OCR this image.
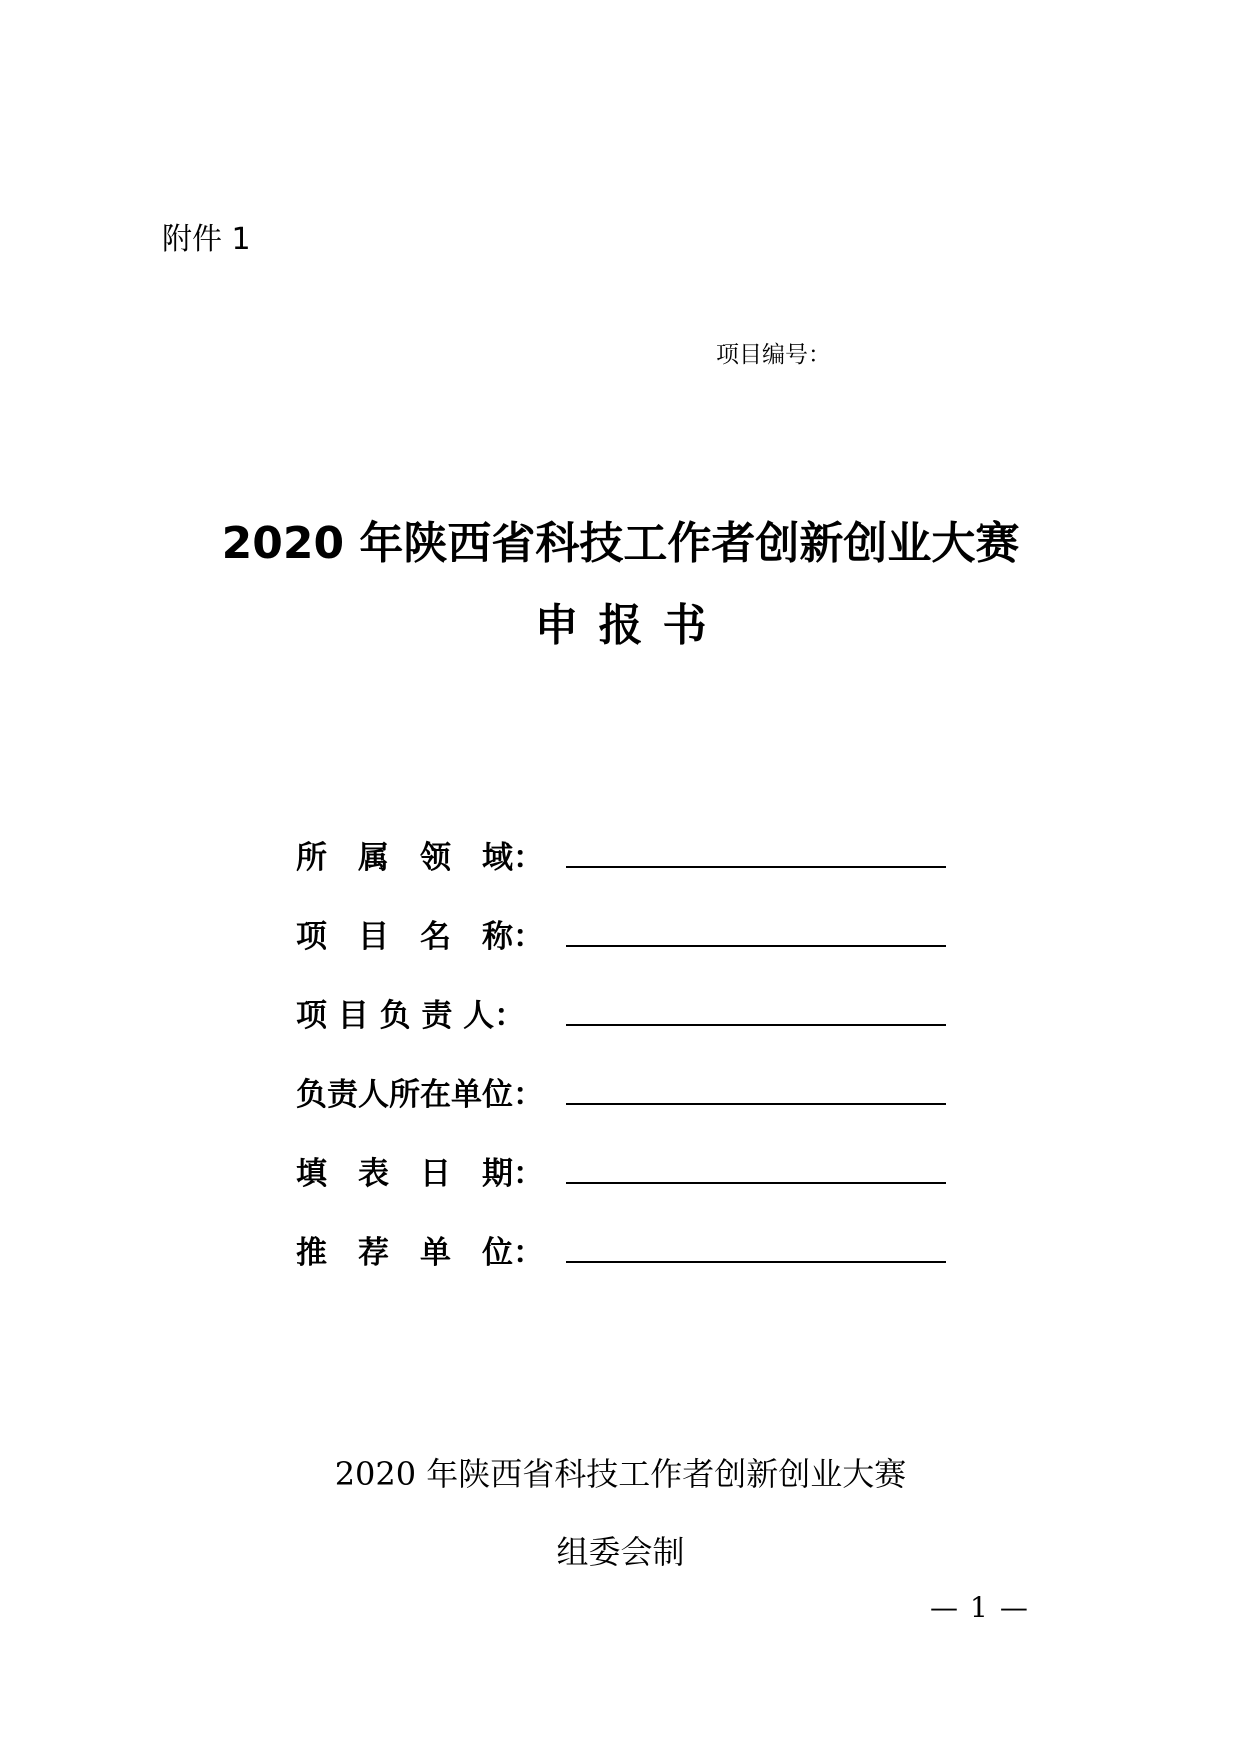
附件 1
项目编号：
2020 年陕西省科技工作者创新创业大赛
申报书
所　属　领　域：
项　目　名　称：
项 目 负 责 人：
负责人所在单位：
填　表　日　期：
推　荐　单　位：
2020 年陕西省科技工作者创新创业大赛
组委会制
— 1 —
